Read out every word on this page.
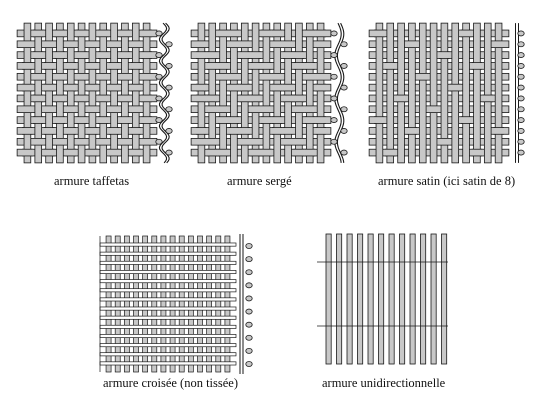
armure taffetas	armure sergé	armure satin (ici satin de 8)
armure croisée (non tissée)	armure unidirectionnelle
